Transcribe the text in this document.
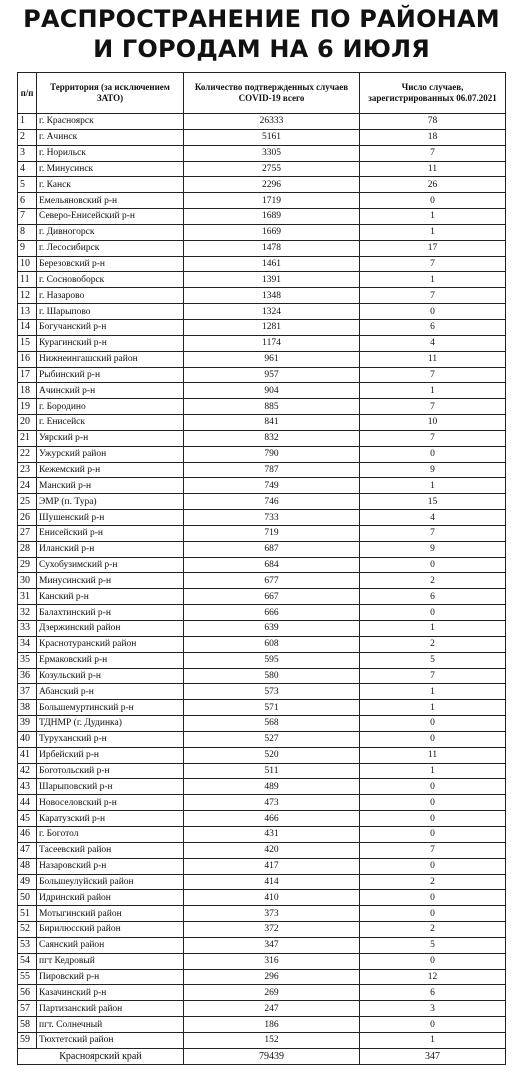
РАСПРОСТРАНЕНИЕ ПО РАЙОНАМ

И ГОРОДАМ НА 6 ИЮЛЯ

п/п	Территория (за исключением ЗАТО)	Количество подтвержденных случаев COVID-19 всего	Число случаев, зарегистрированных 06.07.2021
1	г. Красноярск	26333	78
2	г. Ачинск	5161	18
3	г. Норильск	3305	7
4	г. Минусинск	2755	11
5	г. Канск	2296	26
6	Емельяновский р-н	1719	0
7	Северо-Енисейский р-н	1689	1
8	г. Дивногорск	1669	1
9	г. Лесосибирск	1478	17
10	Березовский р-н	1461	7
11	г. Сосновоборск	1391	1
12	г. Назарово	1348	7
13	г. Шарыпово	1324	0
14	Богучанский р-н	1281	6
15	Курагинский р-н	1174	4
16	Нижнеингашский район	961	11
17	Рыбинский р-н	957	7
18	Ачинский р-н	904	1
19	г. Бородино	885	7
20	г. Енисейск	841	10
21	Уярский р-н	832	7
22	Ужурский район	790	0
23	Кежемский р-н	787	9
24	Манский р-н	749	1
25	ЭМР (п. Тура)	746	15
26	Шушенский р-н	733	4
27	Енисейский р-н	719	7
28	Иланский р-н	687	9
29	Сухобузимский р-н	684	0
30	Минусинский р-н	677	2
31	Канский р-н	667	6
32	Балахтинский р-н	666	0
33	Дзержинский район	639	1
34	Краснотуранский район	608	2
35	Ермаковский р-н	595	5
36	Козульский р-н	580	7
37	Абанский р-н	573	1
38	Большемуртинский р-н	571	1
39	ТДНМР (г. Дудинка)	568	0
40	Туруханский р-н	527	0
41	Ирбейский р-н	520	11
42	Боготольский р-н	511	1
43	Шарыповский р-н	489	0
44	Новоселовский р-н	473	0
45	Каратузский р-н	466	0
46	г. Боготол	431	0
47	Тасеевский район	420	7
48	Назаровский р-н	417	0
49	Большеулуйский район	414	2
50	Идринский район	410	0
51	Мотыгинский район	373	0
52	Бирилюсский район	372	2
53	Саянский район	347	5
54	пгт Кедровый	316	0
55	Пировский р-н	296	12
56	Казачинский р-н	269	6
57	Партизанский район	247	3
58	пгт. Солнечный	186	0
59	Тюхтетский район	152	1
Красноярский край		79439	347
